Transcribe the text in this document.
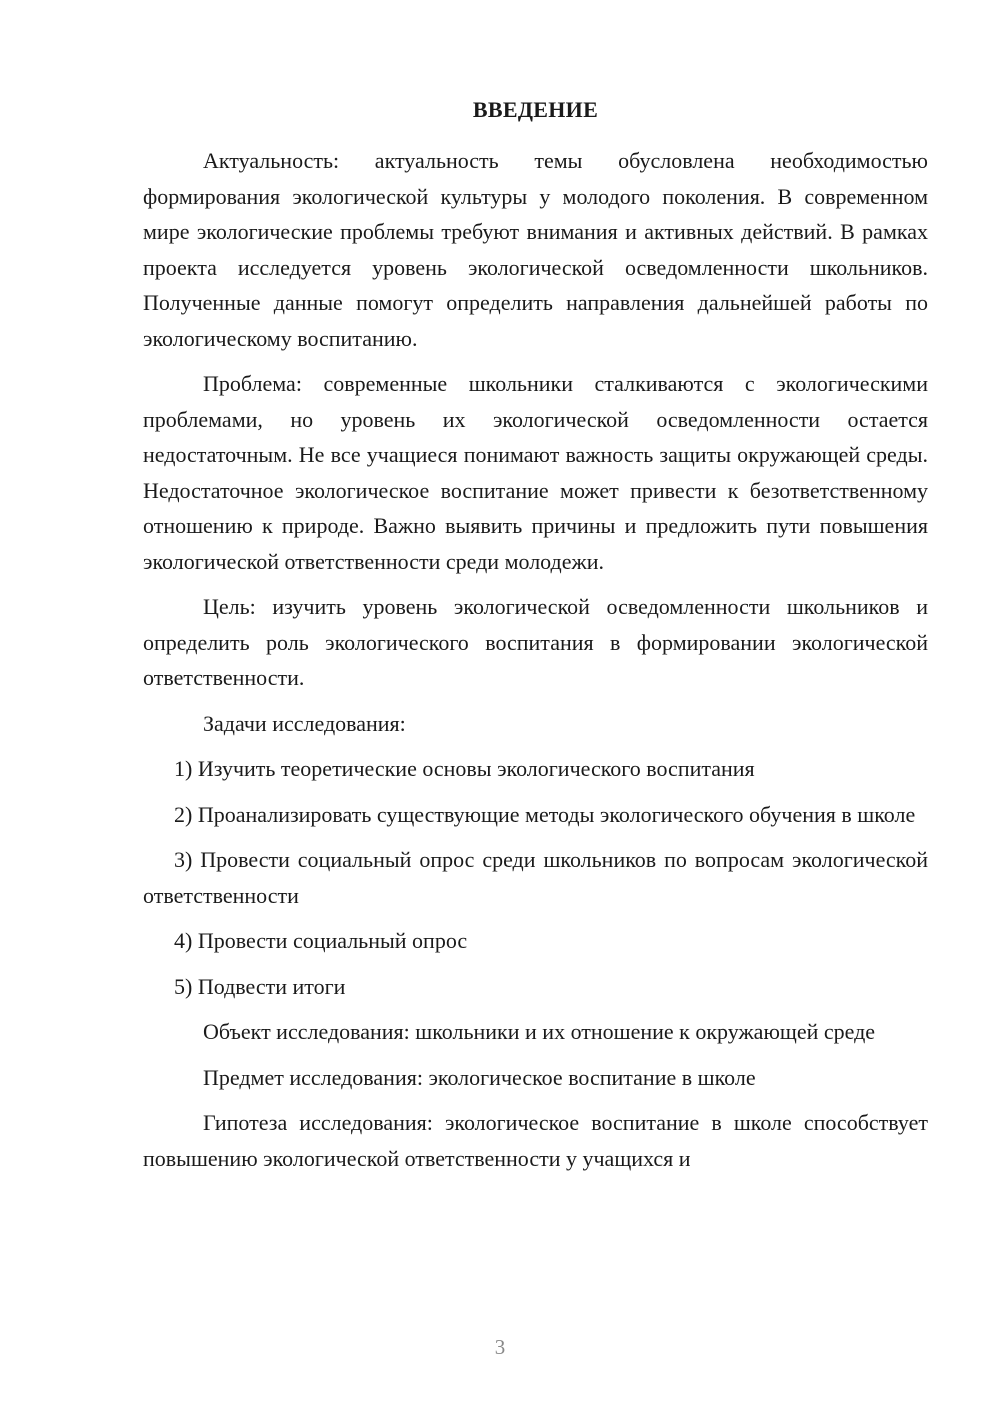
ВВЕДЕНИЕ

Актуальность: актуальность темы обусловлена необходимостью формирования экологической культуры у молодого поколения. В современном мире экологические проблемы требуют внимания и активных действий. В рамках проекта исследуется уровень экологической осведомленности школьников. Полученные данные помогут определить направления дальнейшей работы по экологическому воспитанию.

Проблема: современные школьники сталкиваются с экологическими проблемами, но уровень их экологической осведомленности остается недостаточным. Не все учащиеся понимают важность защиты окружающей среды. Недостаточное экологическое воспитание может привести к безответственному отношению к природе. Важно выявить причины и предложить пути повышения экологической ответственности среди молодежи.

Цель: изучить уровень экологической осведомленности школьников и определить роль экологического воспитания в формировании экологической ответственности.

Задачи исследования:

1) Изучить теоретические основы экологического воспитания

2) Проанализировать существующие методы экологического обучения в школе

3) Провести социальный опрос среди школьников по вопросам экологической ответственности

4) Провести социальный опрос

5) Подвести итоги

Объект исследования: школьники и их отношение к окружающей среде

Предмет исследования: экологическое воспитание в школе

Гипотеза исследования: экологическое воспитание в школе способствует повышению экологической ответственности у учащихся и

3
